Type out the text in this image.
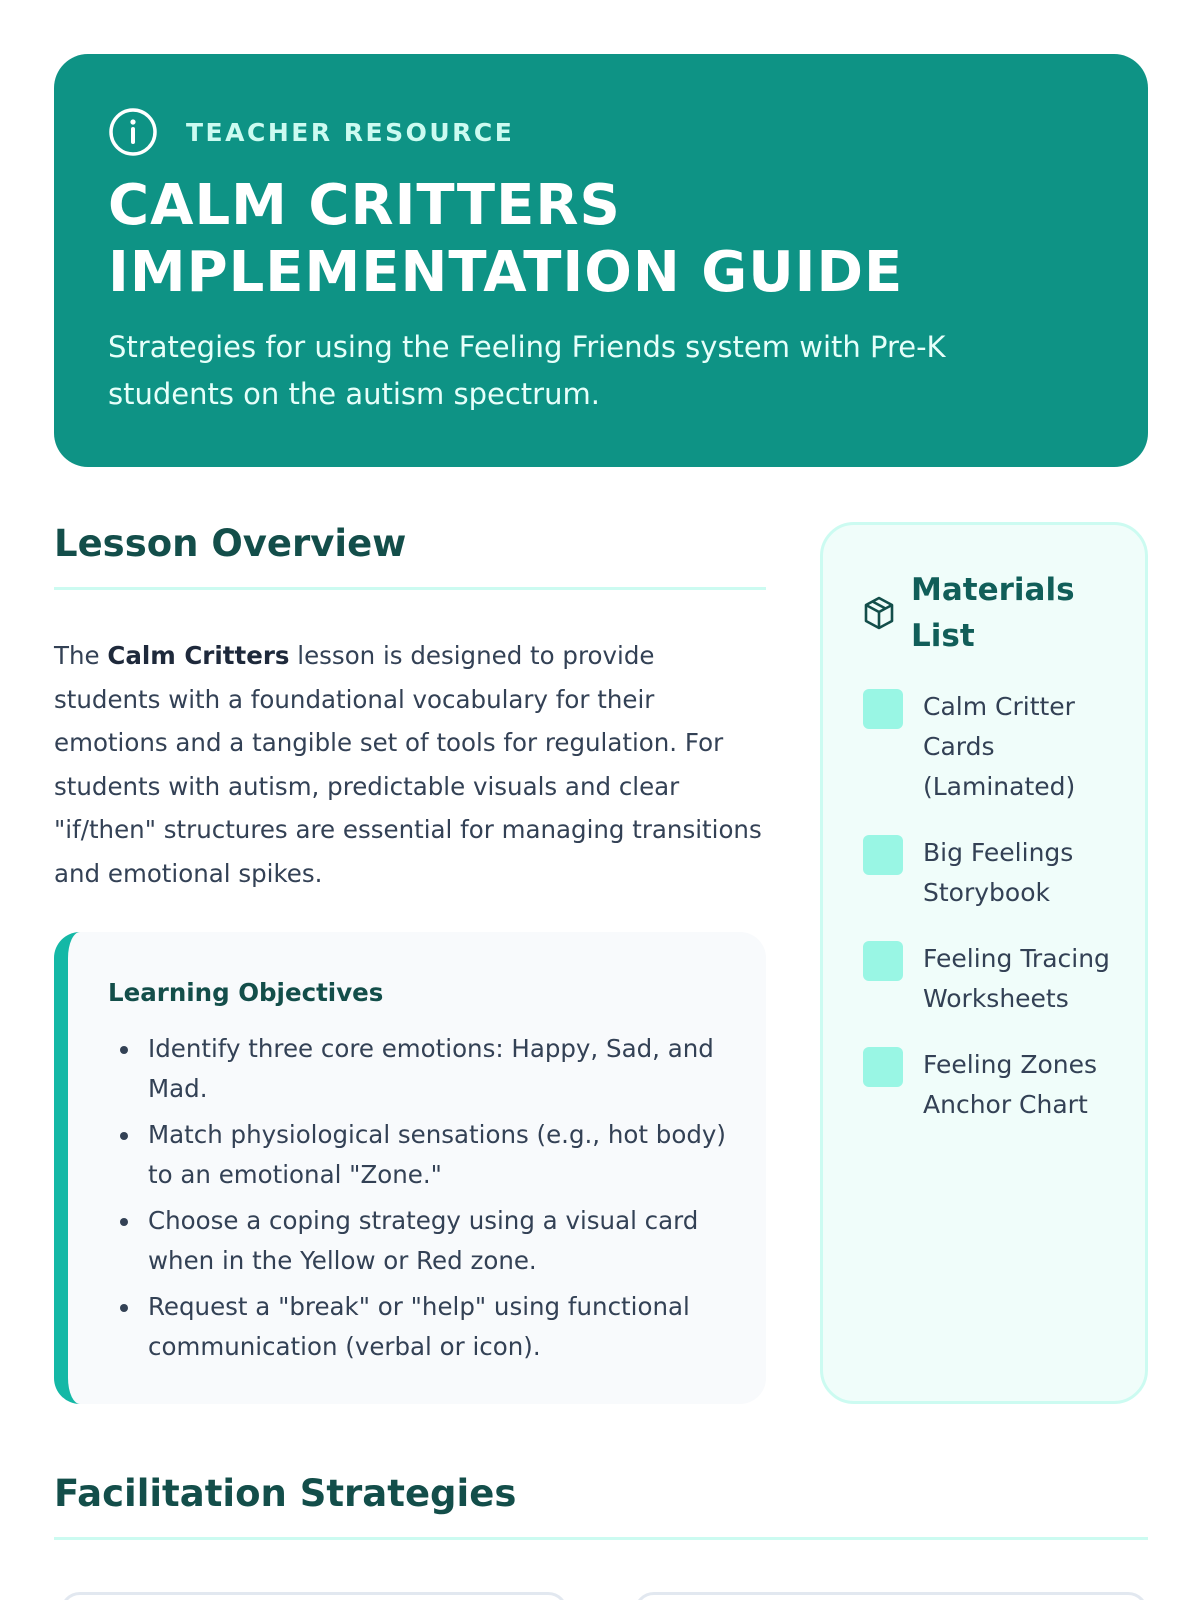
TEACHER RESOURCE
CALM CRITTERS
IMPLEMENTATION GUIDE

Strategies for using the Feeling Friends system with Pre-K students on the autism spectrum.

Lesson Overview

The Calm Critters lesson is designed to provide students with a foundational vocabulary for their emotions and a tangible set of tools for regulation. For students with autism, predictable visuals and clear "if/then" structures are essential for managing transitions and emotional spikes.

Learning Objectives
Identify three core emotions: Happy, Sad, and Mad.
Match physiological sensations (e.g., hot body) to an emotional "Zone."
Choose a coping strategy using a visual card when in the Yellow or Red zone.
Request a "break" or "help" using functional communication (verbal or icon).
Materials List
Calm Critter Cards (Laminated)
Big Feelings Storybook
Feeling Tracing Worksheets
Feeling Zones Anchor Chart
Facilitation Strategies
